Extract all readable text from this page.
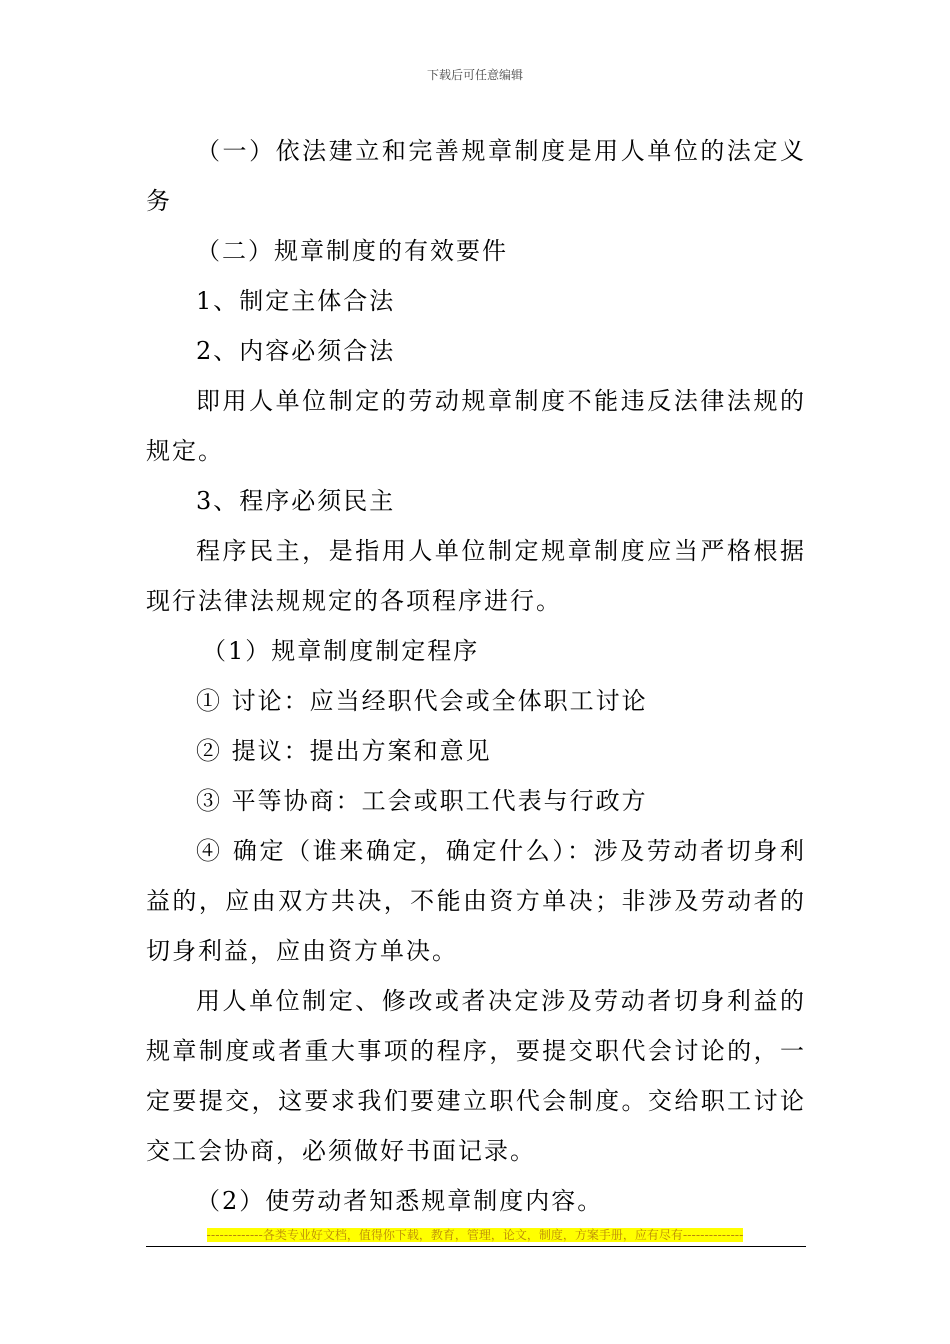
下载后可任意编辑

（一）依法建立和完善规章制度是用人单位的法定义务

（二）规章制度的有效要件

1、制定主体合法

2、内容必须合法

即用人单位制定的劳动规章制度不能违反法律法规的规定。

3、程序必须民主

程序民主，是指用人单位制定规章制度应当严格根据现行法律法规规定的各项程序进行。

（1）规章制度制定程序

① 讨论：应当经职代会或全体职工讨论

② 提议：提出方案和意见

③ 平等协商：工会或职工代表与行政方

④ 确定（谁来确定，确定什么）：涉及劳动者切身利益的，应由双方共决，不能由资方单决；非涉及劳动者的切身利益，应由资方单决。

用人单位制定、修改或者决定涉及劳动者切身利益的规章制度或者重大事项的程序，要提交职代会讨论的，一定要提交，这要求我们要建立职代会制度。交给职工讨论交工会协商，必须做好书面记录。

（2）使劳动者知悉规章制度内容。

-------------各类专业好文档，值得你下载，教育，管理，论文，制度，方案手册，应有尽有--------------
